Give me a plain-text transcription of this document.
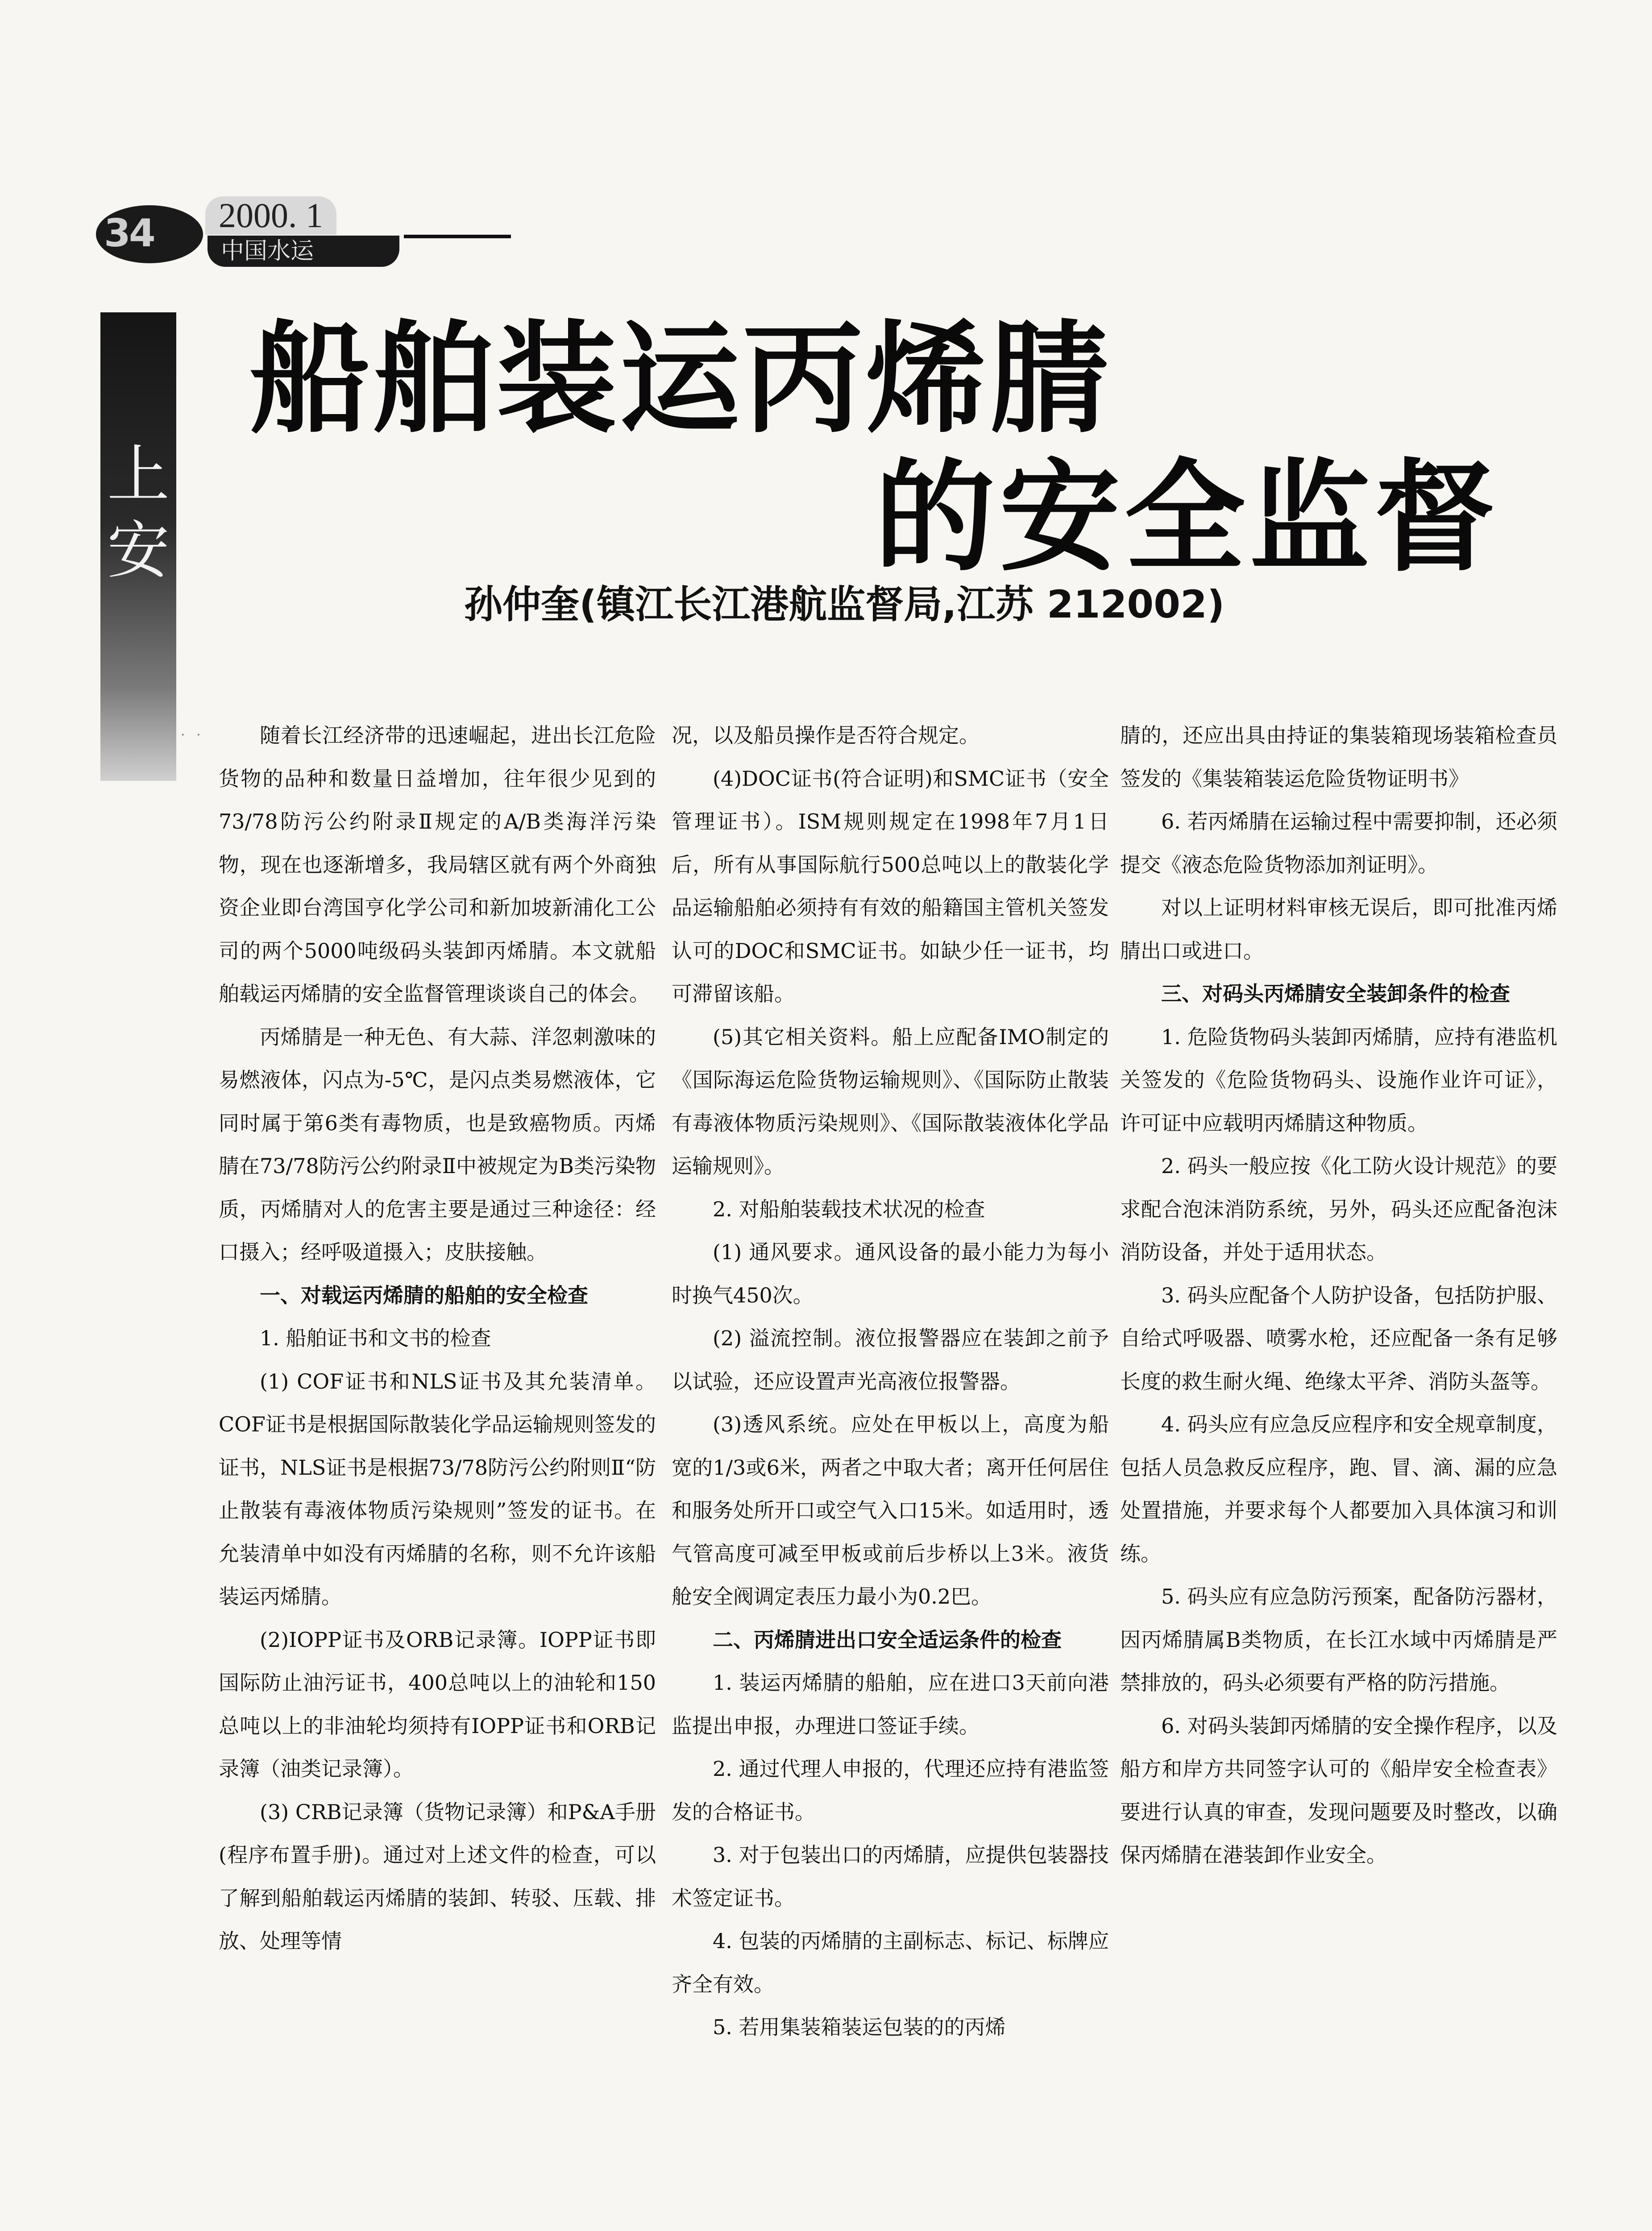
34	2000. 1
中国水运
上
安
船舶装运丙烯腈
的安全监督
孙仲奎(镇江长江港航监督局,江苏 212002)
· ·	随着长江经济带的迅速崛起，进出长江危险货物的品种和数量日益增加，往年很少见到的73/78防污公约附录Ⅱ规定的A/B类海洋污染物，现在也逐渐增多，我局辖区就有两个外商独资企业即台湾国亨化学公司和新加坡新浦化工公司的两个5000吨级码头装卸丙烯腈。本文就船舶载运丙烯腈的安全监督管理谈谈自己的体会。

丙烯腈是一种无色、有大蒜、洋忽刺激味的易燃液体，闪点为-5℃，是闪点类易燃液体，它同时属于第6类有毒物质，也是致癌物质。丙烯腈在73/78防污公约附录Ⅱ中被规定为B类污染物质，丙烯腈对人的危害主要是通过三种途径：经口摄入；经呼吸道摄入；皮肤接触。

一、对载运丙烯腈的船舶的安全检查

1. 船舶证书和文书的检查

(1) COF证书和NLS证书及其允装清单。COF证书是根据国际散装化学品运输规则签发的证书，NLS证书是根据73/78防污公约附则Ⅱ“防止散装有毒液体物质污染规则”签发的证书。在允装清单中如没有丙烯腈的名称，则不允许该船装运丙烯腈。

(2)IOPP证书及ORB记录簿。IOPP证书即国际防止油污证书，400总吨以上的油轮和150总吨以上的非油轮均须持有IOPP证书和ORB记录簿（油类记录簿）。

(3) CRB记录簿（货物记录簿）和P&A手册(程序布置手册)。通过对上述文件的检查，可以了解到船舶载运丙烯腈的装卸、转驳、压载、排放、处理等情

况，以及船员操作是否符合规定。

(4)DOC证书(符合证明)和SMC证书（安全管理证书）。ISM规则规定在1998年7月1日后，所有从事国际航行500总吨以上的散装化学品运输船舶必须持有有效的船籍国主管机关签发认可的DOC和SMC证书。如缺少任一证书，均可滞留该船。

(5)其它相关资料。船上应配备IMO制定的《国际海运危险货物运输规则》、《国际防止散装有毒液体物质污染规则》、《国际散装液体化学品运输规则》。

2. 对船舶装载技术状况的检查

(1) 通风要求。通风设备的最小能力为每小时换气450次。

(2) 溢流控制。液位报警器应在装卸之前予以试验，还应设置声光高液位报警器。

(3)透风系统。应处在甲板以上，高度为船宽的1/3或6米，两者之中取大者；离开任何居住和服务处所开口或空气入口15米。如适用时，透气管高度可减至甲板或前后步桥以上3米。液货舱安全阀调定表压力最小为0.2巴。

二、丙烯腈进出口安全适运条件的检查

1. 装运丙烯腈的船舶，应在进口3天前向港监提出申报，办理进口签证手续。

2. 通过代理人申报的，代理还应持有港监签发的合格证书。

3. 对于包装出口的丙烯腈，应提供包装器技术签定证书。

4. 包装的丙烯腈的主副标志、标记、标牌应齐全有效。

5. 若用集装箱装运包装的的丙烯

腈的，还应出具由持证的集装箱现场装箱检查员签发的《集装箱装运危险货物证明书》

6. 若丙烯腈在运输过程中需要抑制，还必须提交《液态危险货物添加剂证明》。

对以上证明材料审核无误后，即可批准丙烯腈出口或进口。

三、对码头丙烯腈安全装卸条件的检查

1. 危险货物码头装卸丙烯腈，应持有港监机关签发的《危险货物码头、设施作业许可证》，许可证中应载明丙烯腈这种物质。

2. 码头一般应按《化工防火设计规范》的要求配合泡沫消防系统，另外，码头还应配备泡沫消防设备，并处于适用状态。

3. 码头应配备个人防护设备，包括防护服、自给式呼吸器、喷雾水枪，还应配备一条有足够长度的救生耐火绳、绝缘太平斧、消防头盔等。

4. 码头应有应急反应程序和安全规章制度，包括人员急救反应程序，跑、冒、滴、漏的应急处置措施，并要求每个人都要加入具体演习和训练。

5. 码头应有应急防污预案，配备防污器材，因丙烯腈属B类物质，在长江水域中丙烯腈是严禁排放的，码头必须要有严格的防污措施。

6. 对码头装卸丙烯腈的安全操作程序，以及船方和岸方共同签字认可的《船岸安全检查表》要进行认真的审查，发现问题要及时整改，以确保丙烯腈在港装卸作业安全。
